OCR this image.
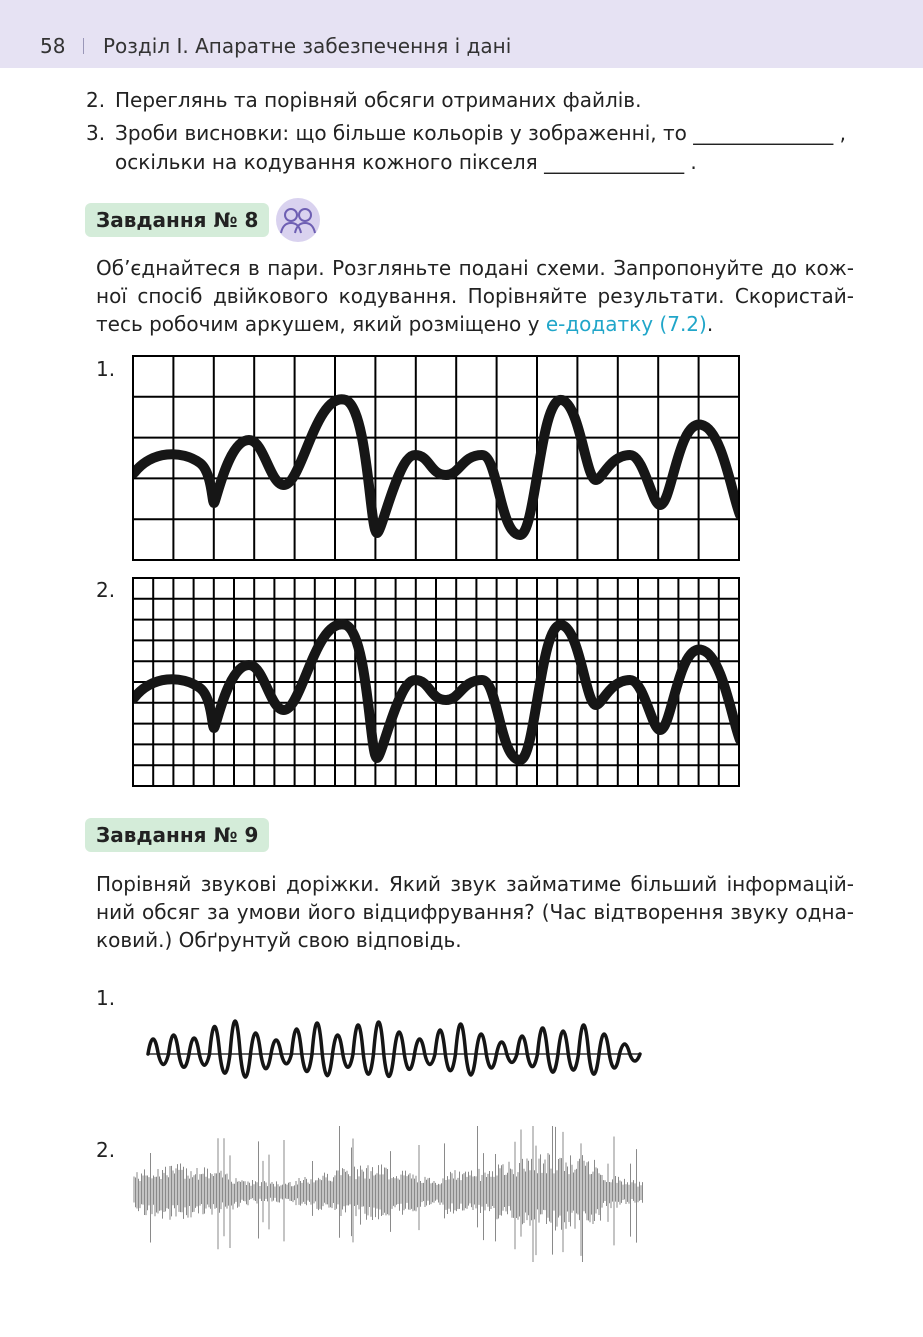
58 Розділ I. Апаратне забезпечення і дані
2. Переглянь та порівняй обсяги отриманих файлів.
3. Зроби висновки: що більше кольорів у зображенні, то ______________ ,
оскільки на кодування кожного пікселя ______________ .
Завдання № 8
Об’єднайтеся в пари. Розгляньте подані схеми. Запропонуйте до кож-
ної спосіб двійкового кодування. Порівняйте результати. Скористай-
тесь робочим аркушем, який розміщено у е-додатку (7.2).
1.
2.
Завдання № 9
Порівняй звукові доріжки. Який звук займатиме більший інформацій-
ний обсяг за умови його відцифрування? (Час відтворення звуку одна-
ковий.) Обґрунтуй свою відповідь.
1.
2.
